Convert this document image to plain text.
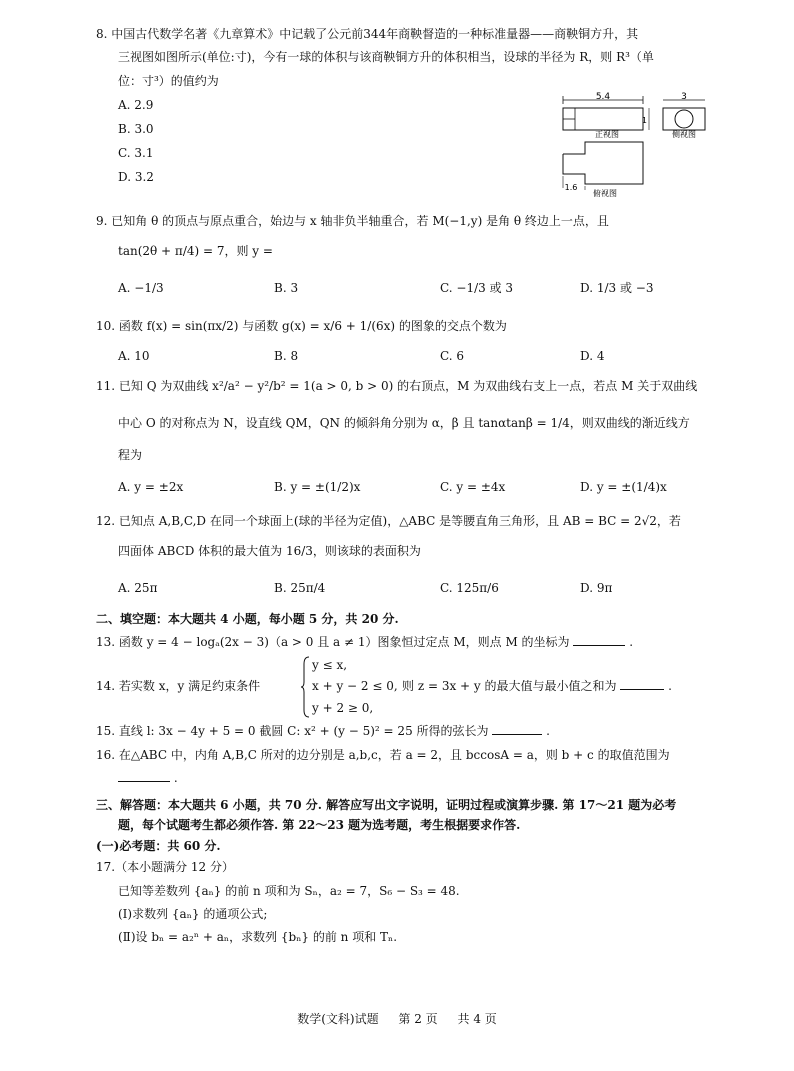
8. 中国古代数学名著《九章算术》中记载了公元前344年商鞅督造的一种标准量器——商鞅铜方升，其
三视图如图所示(单位:寸)，今有一球的体积与该商鞅铜方升的体积相当，设球的半径为 R，则 R³（单
位：寸³）的值约为
A. 2.9
B. 3.0
C. 3.1
D. 3.2
5.4
1
正视图
3
侧视图
1.6
俯视图
9. 已知角 θ 的顶点与原点重合，始边与 x 轴非负半轴重合，若 M(−1,y) 是角 θ 终边上一点，且
tan(2θ + π/4) = 7，则 y =
A. −1/3	B. 3	C. −1/3 或 3	D. 1/3 或 −3
10. 函数 f(x) = sin(πx/2) 与函数 g(x) = x/6 + 1/(6x) 的图象的交点个数为
A. 10	B. 8	C. 6	D. 4
11. 已知 Q 为双曲线 x²/a² − y²/b² = 1(a > 0, b > 0) 的右顶点，M 为双曲线右支上一点，若点 M 关于双曲线
中心 O 的对称点为 N，设直线 QM，QN 的倾斜角分别为 α，β 且 tanαtanβ = 1/4，则双曲线的渐近线方
程为
A. y = ±2x	B. y = ±(1/2)x	C. y = ±4x	D. y = ±(1/4)x
12. 已知点 A,B,C,D 在同一个球面上(球的半径为定值)，△ABC 是等腰直角三角形，且 AB = BC = 2√2，若
四面体 ABCD 体积的最大值为 16/3，则该球的表面积为
A. 25π	B. 25π/4	C. 125π/6	D. 9π
二、填空题：本大题共 4 小题，每小题 5 分，共 20 分.
13. 函数 y = 4 − logₐ(2x − 3)（a > 0 且 a ≠ 1）图象恒过定点 M，则点 M 的坐标为	.
14. 若实数 x，y 满足约束条件
y ≤ x,
x + y − 2 ≤ 0,
y + 2 ≥ 0,
则 z = 3x + y 的最大值与最小值之和为	.
15. 直线 l: 3x − 4y + 5 = 0 截圆 C: x² + (y − 5)² = 25 所得的弦长为	.
16. 在△ABC 中，内角 A,B,C 所对的边分别是 a,b,c，若 a = 2，且 bccosA = a，则 b + c 的取值范围为
.
三、解答题：本大题共 6 小题，共 70 分. 解答应写出文字说明，证明过程或演算步骤. 第 17～21 题为必考
题，每个试题考生都必须作答. 第 22～23 题为选考题，考生根据要求作答.
(一)必考题：共 60 分.
17.（本小题满分 12 分）
已知等差数列 {aₙ} 的前 n 项和为 Sₙ，a₂ = 7，S₆ − S₃ = 48.
(Ⅰ)求数列 {aₙ} 的通项公式;
(Ⅱ)设 bₙ = a₂ⁿ + aₙ，求数列 {bₙ} 的前 n 项和 Tₙ.
数学(文科)试题 第 2 页 共 4 页
